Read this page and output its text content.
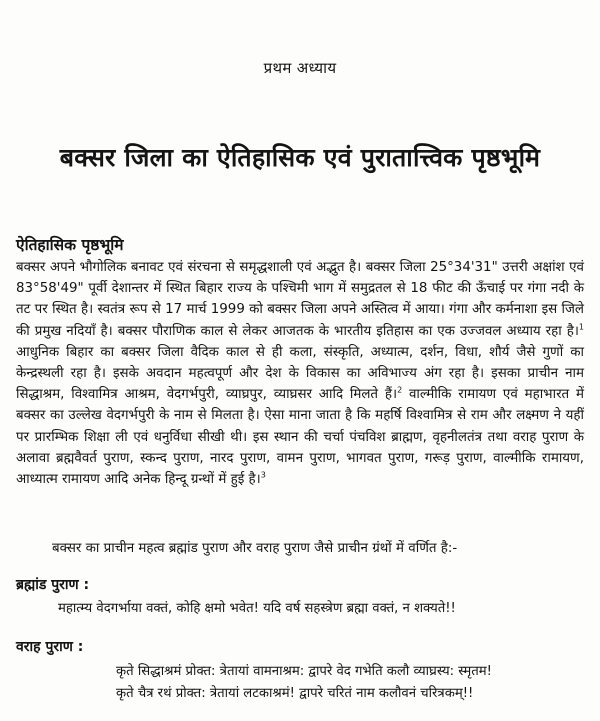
प्रथम अध्याय
बक्सर जिला का ऐतिहासिक एवं पुरातात्त्विक पृष्ठभूमि
ऐतिहासिक पृष्ठभूमि

बक्सर अपने भौगोलिक बनावट एवं संरचना से समृद्धशाली एवं अद्भुत है। बक्सर जिला 25°34'31" उत्तरी अक्षांश एवं 83°58'49" पूर्वी देशान्तर में स्थित बिहार राज्य के पश्चिमी भाग में समुद्रतल से 18 फीट की ऊँचाई पर गंगा नदी के तट पर स्थित है। स्वतंत्र रूप से 17 मार्च 1999 को बक्सर जिला अपने अस्तित्व में आया। गंगा और कर्मनाशा इस जिले की प्रमुख नदियाँ है। बक्सर पौराणिक काल से लेकर आजतक के भारतीय इतिहास का एक उज्जवल अध्याय रहा है।$^1$ आधुनिक बिहार का बक्सर जिला वैदिक काल से ही कला, संस्कृति, अध्यात्म, दर्शन, विधा, शौर्य जैसे गुणों का केन्द्रस्थली रहा है। इसके अवदान महत्वपूर्ण और देश के विकास का अविभाज्य अंग रहा है। इसका प्राचीन नाम सिद्धाश्रम, विश्वामित्र आश्रम, वेदगर्भपुरी, व्याघ्रपुर, व्याघ्रसर आदि मिलते हैं।$^2$ वाल्मीकि रामायण एवं महाभारत में बक्सर का उल्लेख वेदगर्भपुरी के नाम से मिलता है। ऐसा माना जाता है कि महर्षि विश्वामित्र से राम और लक्ष्मण ने यहीं पर प्रारम्भिक शिक्षा ली एवं धनुर्विधा सीखी थी। इस स्थान की चर्चा पंचविश ब्राह्मण, वृहनीलतंत्र तथा वराह पुराण के अलावा ब्रह्मवैवर्त पुराण, स्कन्द पुराण, नारद पुराण, वामन पुराण, भागवत पुराण, गरूड़ पुराण, वाल्मीकि रामायण, आध्यात्म रामायण आदि अनेक हिन्दू ग्रन्थों में हुई है।$^3$

बक्सर का प्राचीन महत्व ब्रह्मांड पुराण और वराह पुराण जैसे प्राचीन ग्रंथों में वर्णित है:-

ब्रह्मांड पुराण :

महात्म्य वेदगर्भाया वक्तं, कोहि क्षमो भवेत! यदि वर्ष सहस्त्रेण ब्रह्मा वक्तं, न शक्यते!!

वराह पुराण :

कृते सिद्धाश्रमं प्रोक्त: त्रेतायां वामनाश्रम: द्वापरे वेद गभेति कलौ व्याघ्रस्य: स्मृतम!

कृते चैत्र रथं प्रोक्त: त्रेतायां लटकाश्रमं! द्वापरे चरितं नाम कलौवनं चरित्रकम्!!
